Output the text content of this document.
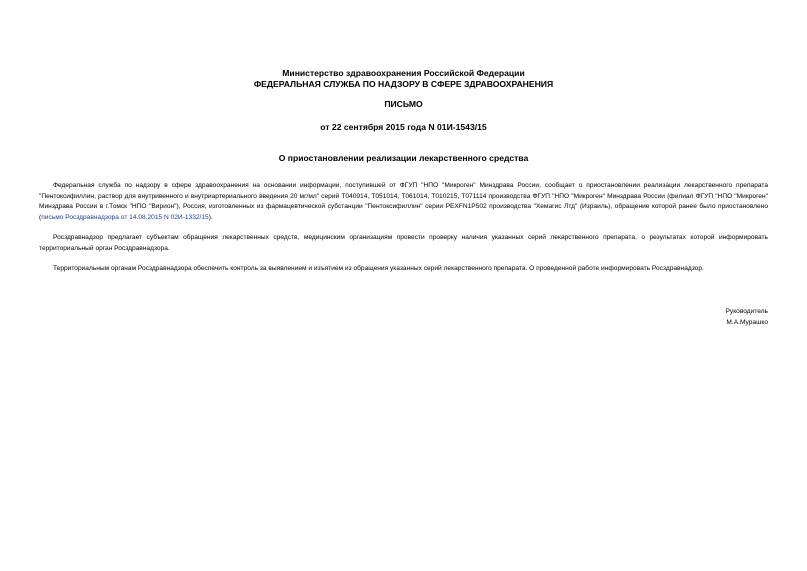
Министерство здравоохранения Российской Федерации
ФЕДЕРАЛЬНАЯ СЛУЖБА ПО НАДЗОРУ В СФЕРЕ ЗДРАВООХРАНЕНИЯ
ПИСЬМО
от 22 сентября 2015 года N 01И-1543/15
О приостановлении реализации лекарственного средства
Федеральная служба по надзору в сфере здравоохранения на основании информации, поступившей от ФГУП "НПО "Микроген" Минздрава России, сообщает о приостановлении реализации лекарственного препарата "Пентоксифиллин, раствор для внутривенного и внутриартериального введения 20 мг/мл" серий Т040914, Т051014, Т061014, Т010215, Т071114 производства ФГУП "НПО "Микроген" Минздрава России (филиал ФГУП "НПО "Микроген" Минздрава России в г.Томск "НПО "Вирион"), Россия, изготовленных из фармацевтической субстанции "Пентоксифиллин" серии PEXFN1P502 производства "Хемагис Лтд" (Израиль), обращение которой ранее было приостановлено (письмо Росздравнадзора от 14.08.2015 N 02И-1332/15).
Росздравнадзор предлагает субъектам обращения лекарственных средств, медицинским организациям провести проверку наличия указанных серий лекарственного препарата, о результатах которой информировать территориальный орган Росздравнадзора.
Территориальным органам Росздравнадзора обеспечить контроль за выявлением и изъятием из обращения указанных серий лекарственного препарата. О проведенной работе информировать Росздравнадзор.
Руководитель
М.А.Мурашко
